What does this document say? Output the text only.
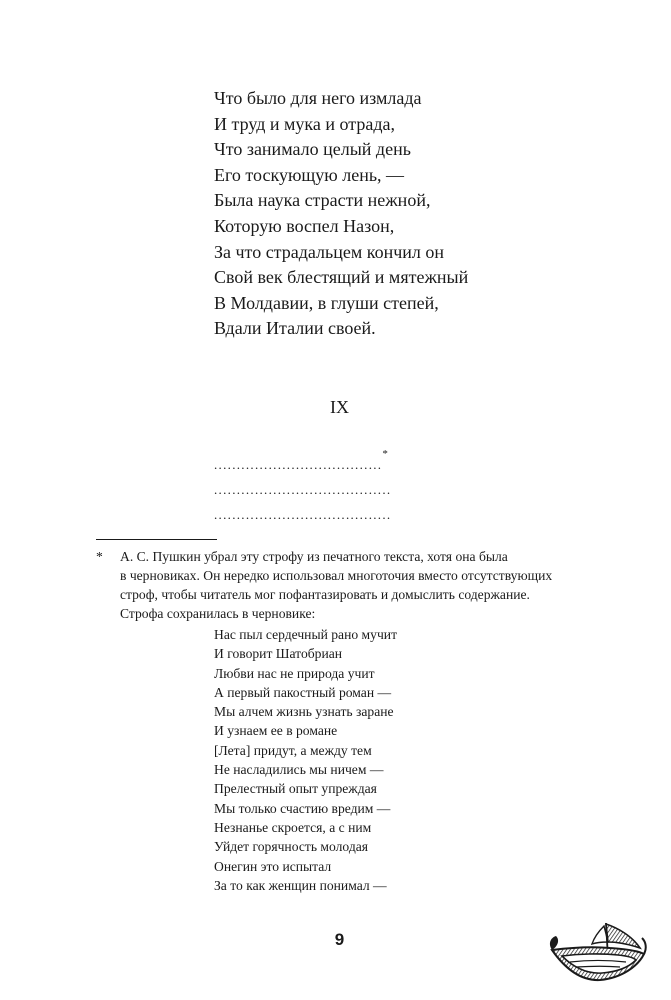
Что было для него измлада
И труд и мука и отрада,
Что занимало целый день
Его тоскующую лень, —
Была наука страсти нежной,
Которую воспел Назон,
За что страдальцем кончил он
Свой век блестящий и мятежный
В Молдавии, в глуши степей,
Вдали Италии своей.
IX
.....................................
*
.......................................
.......................................
* А. С. Пушкин убрал эту строфу из печатного текста, хотя она была
в черновиках. Он нередко использовал многоточия вместо отсутствующих
строф, чтобы читатель мог пофантазировать и домыслить содержание.
Строфа сохранилась в черновике:
Нас пыл сердечный рано мучит
И говорит Шатобриан
Любви нас не природа учит
А первый пакостный роман —
Мы алчем жизнь узнать заране
И узнаем ее в романе
[Лета] придут, а между тем
Не насладились мы ничем —
Прелестный опыт упреждая
Мы только счастию вредим —
Незнанье скроется, а с ним
Уйдет горячность молодая
Онегин это испытал
За то как женщин понимал —
9
